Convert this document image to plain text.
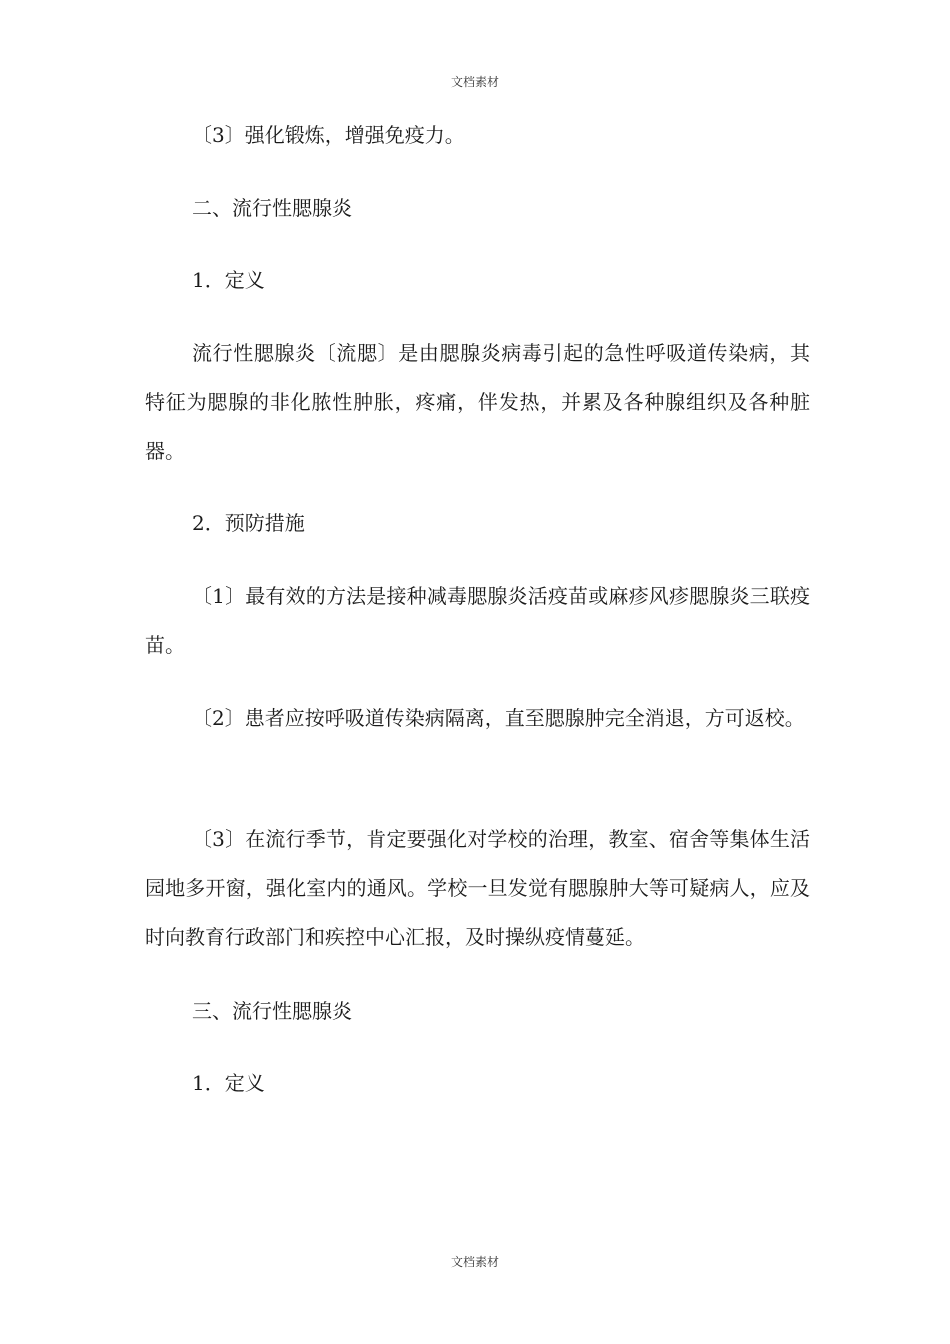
文档素材

〔3〕强化锻炼，增强免疫力。

二、流行性腮腺炎

1．定义

流行性腮腺炎〔流腮〕是由腮腺炎病毒引起的急性呼吸道传染病，其特征为腮腺的非化脓性肿胀，疼痛，伴发热，并累及各种腺组织及各种脏器。

2．预防措施

〔1〕最有效的方法是接种减毒腮腺炎活疫苗或麻疹风疹腮腺炎三联疫苗。

〔2〕患者应按呼吸道传染病隔离，直至腮腺肿完全消退，方可返校。

〔3〕在流行季节，肯定要强化对学校的治理，教室、宿舍等集体生活园地多开窗，强化室内的通风。学校一旦发觉有腮腺肿大等可疑病人，应及时向教育行政部门和疾控中心汇报，及时操纵疫情蔓延。

三、流行性腮腺炎

1．定义

文档素材
